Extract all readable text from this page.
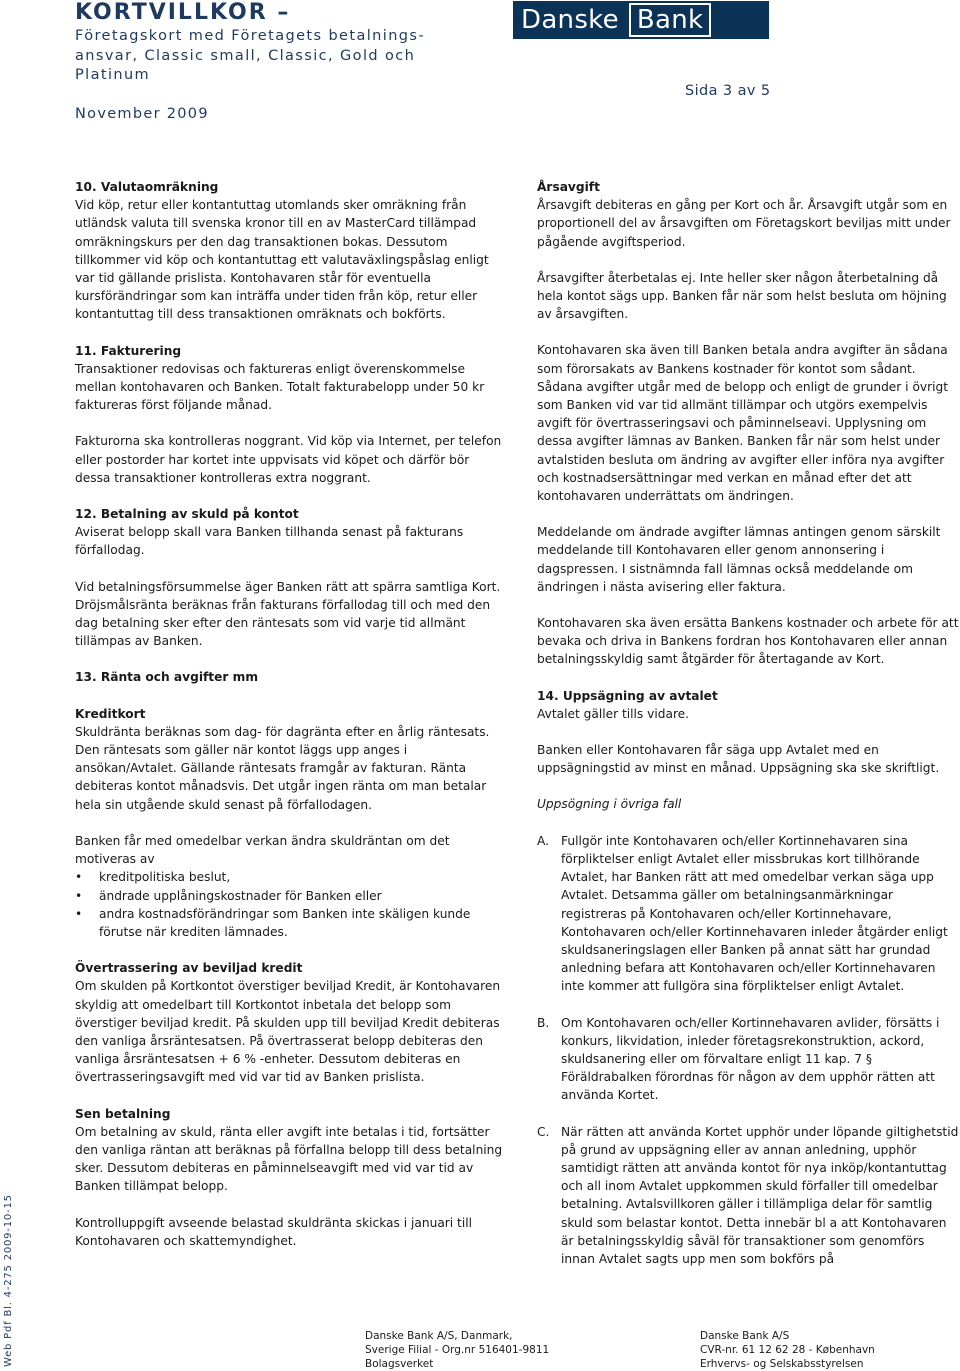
KORTVILLKOR –
Företagskort med Företagets betalnings-
ansvar, Classic small, Classic, Gold och
Platinum
November 2009
Danske Bank
Sida 3 av 5

10. Valutaomräkning
Vid köp, retur eller kontantuttag utomlands sker omräkning från utländsk valuta till svenska kronor till en av MasterCard tillämpad omräkningskurs per den dag transaktionen bokas. Dessutom tillkommer vid köp och kontantuttag ett valutaväxlingspåslag enligt var tid gällande prislista. Kontohavaren står för eventuella kursförändringar som kan inträffa under tiden från köp, retur eller kontantuttag till dess transaktionen omräknats och bokförts.

11. Fakturering
Transaktioner redovisas och faktureras enligt överenskommelse mellan kontohavaren och Banken. Totalt fakturabelopp under 50 kr faktureras först följande månad.

Fakturorna ska kontrolleras noggrant. Vid köp via Internet, per telefon eller postorder har kortet inte uppvisats vid köpet och därför bör dessa transaktioner kontrolleras extra noggrant.

12. Betalning av skuld på kontot
Aviserat belopp skall vara Banken tillhanda senast på fakturans förfallodag.

Vid betalningsförsummelse äger Banken rätt att spärra samtliga Kort. Dröjsmålsränta beräknas från fakturans förfallodag till och med den dag betalning sker efter den räntesats som vid varje tid allmänt tillämpas av Banken.

13. Ränta och avgifter mm

Kreditkort
Skuldränta beräknas som dag- för dagränta efter en årlig räntesats. Den räntesats som gäller när kontot läggs upp anges i ansökan/Avtalet. Gällande räntesats framgår av fakturan. Ränta debiteras kontot månadsvis. Det utgår ingen ränta om man betalar hela sin utgående skuld senast på förfallodagen.

Banken får med omedelbar verkan ändra skuldräntan om det motiveras av

• kreditpolitiska beslut,
• ändrade upplåningskostnader för Banken eller
• andra kostnadsförändringar som Banken inte skäligen kunde förutse när krediten lämnades.

Övertrassering av beviljad kredit
Om skulden på Kortkontot överstiger beviljad Kredit, är Kontohavaren skyldig att omedelbart till Kortkontot inbetala det belopp som överstiger beviljad kredit. På skulden upp till beviljad Kredit debiteras den vanliga årsräntesatsen. På övertrasserat belopp debiteras den vanliga årsräntesatsen + 6 % -enheter. Dessutom debiteras en övertrasseringsavgift med vid var tid av Banken prislista.

Sen betalning
Om betalning av skuld, ränta eller avgift inte betalas i tid, fortsätter den vanliga räntan att beräknas på förfallna belopp till dess betalning sker. Dessutom debiteras en påminnelseavgift med vid var tid av Banken tillämpat belopp.

Kontrolluppgift avseende belastad skuldränta skickas i januari till Kontohavaren och skattemyndighet.

Årsavgift
Årsavgift debiteras en gång per Kort och år. Årsavgift utgår som en proportionell del av årsavgiften om Företagskort beviljas mitt under pågående avgiftsperiod.

Årsavgifter återbetalas ej. Inte heller sker någon återbetalning då hela kontot sägs upp. Banken får när som helst besluta om höjning av årsavgiften.

Kontohavaren ska även till Banken betala andra avgifter än sådana som förorsakats av Bankens kostnader för kontot som sådant. Sådana avgifter utgår med de belopp och enligt de grunder i övrigt som Banken vid var tid allmänt tillämpar och utgörs exempelvis avgift för övertrasseringsavi och påminnelseavi. Upplysning om dessa avgifter lämnas av Banken. Banken får när som helst under avtalstiden besluta om ändring av avgifter eller införa nya avgifter och kostnadsersättningar med verkan en månad efter det att kontohavaren underrättats om ändringen.

Meddelande om ändrade avgifter lämnas antingen genom särskilt meddelande till Kontohavaren eller genom annonsering i dagspressen. I sistnämnda fall lämnas också meddelande om ändringen i nästa avisering eller faktura.

Kontohavaren ska även ersätta Bankens kostnader och arbete för att bevaka och driva in Bankens fordran hos Kontohavaren eller annan betalningsskyldig samt åtgärder för återtagande av Kort.

14. Uppsägning av avtalet
Avtalet gäller tills vidare.

Banken eller Kontohavaren får säga upp Avtalet med en uppsägningstid av minst en månad. Uppsägning ska ske skriftligt.

Uppsögning i övriga fall

A. Fullgör inte Kontohavaren och/eller Kortinnehavaren sina förpliktelser enligt Avtalet eller missbrukas kort tillhörande Avtalet, har Banken rätt att med omedelbar verkan säga upp Avtalet. Detsamma gäller om betalningsanmärkningar registreras på Kontohavaren och/eller Kortinnehavare, Kontohavaren och/eller Kortinnehavaren inleder åtgärder enligt skuldsaneringslagen eller Banken på annat sätt har grundad anledning befara att Kontohavaren och/eller Kortinnehavaren inte kommer att fullgöra sina förpliktelser enligt Avtalet.
B. Om Kontohavaren och/eller Kortinnehavaren avlider, försätts i konkurs, likvidation, inleder företagsrekonstruktion, ackord, skuldsanering eller om förvaltare enligt 11 kap. 7 § Föräldrabalken förordnas för någon av dem upphör rätten att använda Kortet.
C. När rätten att använda Kortet upphör under löpande giltighetstid på grund av uppsägning eller av annan anledning, upphör samtidigt rätten att använda kontot för nya inköp/kontantuttag och all inom Avtalet uppkommen skuld förfaller till omedelbar betalning. Avtalsvillkoren gäller i tillämpliga delar för samtlig skuld som belastar kontot. Detta innebär bl a att Kontohavaren är betalningsskyldig såväl för transaktioner som genomförs innan Avtalet sagts upp men som bokförs på
Web Pdf Bl. 4-275 2009-10-15	Danske Bank A/S, Danmark,
Sverige Filial - Org.nr 516401-9811
Bolagsverket
Danske Bank A/S
CVR-nr. 61 12 62 28 - København
Erhvervs- og Selskabsstyrelsen
